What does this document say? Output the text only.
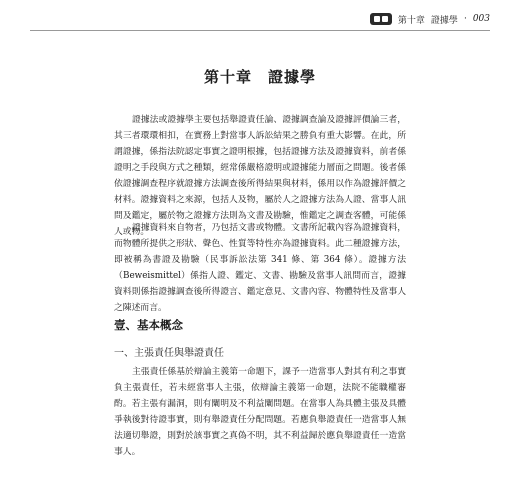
第十章 證據學 · 003
第十章　證據學

證據法或證據學主要包括舉證責任論、證據調查論及證據評價論三者，其三者環環相扣，在實務上對當事人訴訟結果之勝負有重大影響。在此，所謂證據，係指法院認定事實之證明根據，包括證據方法及證據資料，前者係證明之手段與方式之種類，經常係嚴格證明或證據能力層面之問題。後者係依證據調查程序就證據方法調查後所得結果與材料，係用以作為證據評價之材料。證據資料之來源，包括人及物，屬於人之證據方法為人證、當事人訊問及鑑定，屬於物之證據方法則為文書及勘驗，惟鑑定之調查客體，可能係人或物。

證據資料來自物者，乃包括文書或物體。文書所記載內容為證據資料，而物體所提供之形狀、聲色、性質等特性亦為證據資料。此二種證據方法，即被稱為書證及勘驗（民事訴訟法第 341 條、第 364 條）。證據方法（Beweismittel）係指人證、鑑定、文書、勘驗及當事人訊問而言，證據資料則係指證據調查後所得證言、鑑定意見、文書內容、物體特性及當事人之陳述而言。

壹、基本概念
一、主張責任與舉證責任

主張責任係基於辯論主義第一命題下，課予一造當事人對其有利之事實負主張責任，若未經當事人主張，依辯論主義第一命題，法院不能職權審酌。若主張有漏洞，則有闡明及不利益闡問題。在當事人為具體主張及具體爭執後對待證事實，則有舉證責任分配問題。若應負舉證責任一造當事人無法適切舉證，則對於該事實之真偽不明，其不利益歸於應負舉證責任一造當事人。
